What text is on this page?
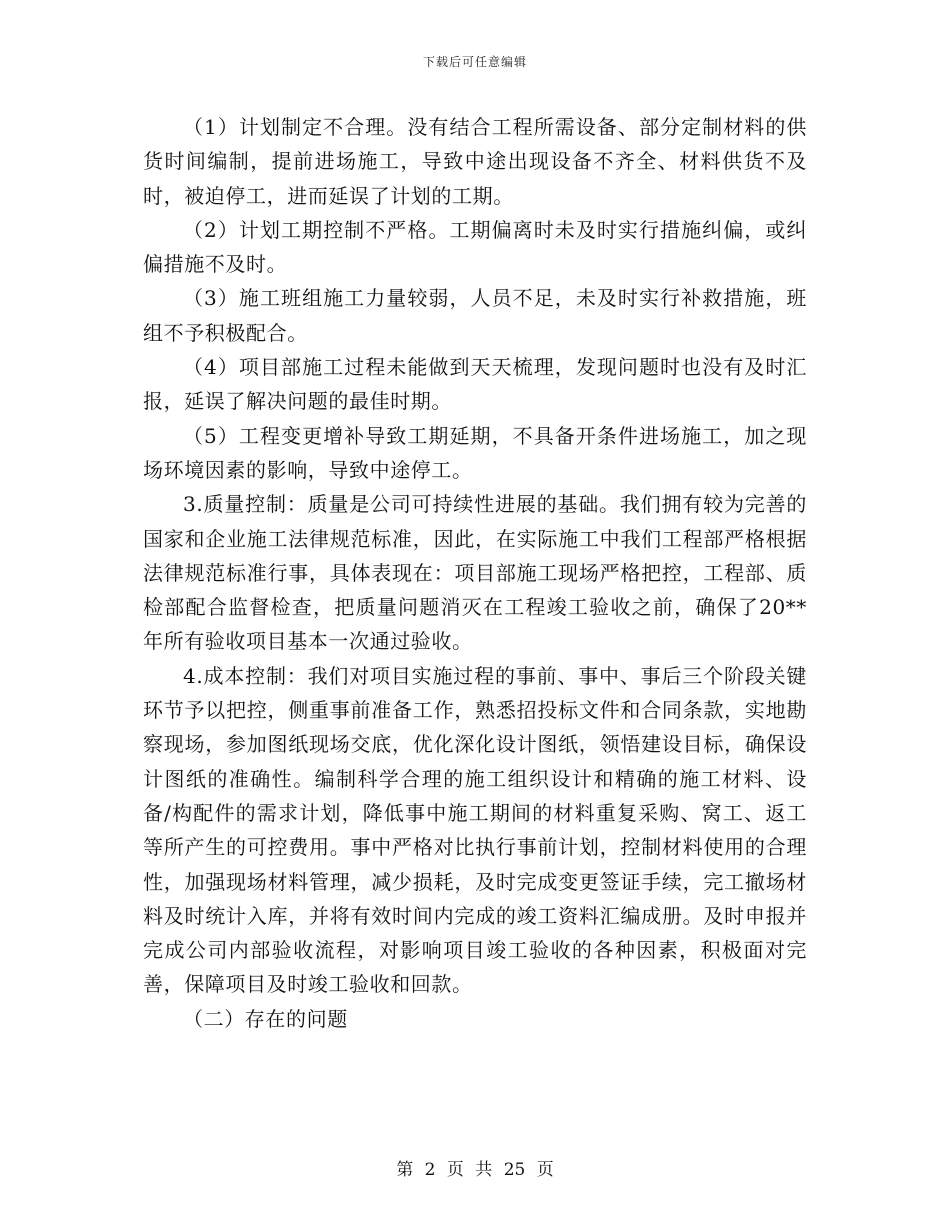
下载后可任意编辑

（1）计划制定不合理。没有结合工程所需设备、部分定制材料的供货时间编制，提前进场施工，导致中途出现设备不齐全、材料供货不及时，被迫停工，进而延误了计划的工期。

（2）计划工期控制不严格。工期偏离时未及时实行措施纠偏，或纠偏措施不及时。

（3）施工班组施工力量较弱，人员不足，未及时实行补救措施，班组不予积极配合。

（4）项目部施工过程未能做到天天梳理，发现问题时也没有及时汇报，延误了解决问题的最佳时期。

（5）工程变更增补导致工期延期，不具备开条件进场施工，加之现场环境因素的影响，导致中途停工。

3.质量控制：质量是公司可持续性进展的基础。我们拥有较为完善的国家和企业施工法律规范标准，因此，在实际施工中我们工程部严格根据法律规范标准行事，具体表现在：项目部施工现场严格把控，工程部、质检部配合监督检查，把质量问题消灭在工程竣工验收之前，确保了20**年所有验收项目基本一次通过验收。

4.成本控制：我们对项目实施过程的事前、事中、事后三个阶段关键环节予以把控，侧重事前准备工作，熟悉招投标文件和合同条款，实地勘察现场，参加图纸现场交底，优化深化设计图纸，领悟建设目标，确保设计图纸的准确性。编制科学合理的施工组织设计和精确的施工材料、设备/构配件的需求计划，降低事中施工期间的材料重复采购、窝工、返工等所产生的可控费用。事中严格对比执行事前计划，控制材料使用的合理性，加强现场材料管理，减少损耗，及时完成变更签证手续，完工撤场材料及时统计入库，并将有效时间内完成的竣工资料汇编成册。及时申报并完成公司内部验收流程，对影响项目竣工验收的各种因素，积极面对完善，保障项目及时竣工验收和回款。

（二）存在的问题

第 2 页 共 25 页
